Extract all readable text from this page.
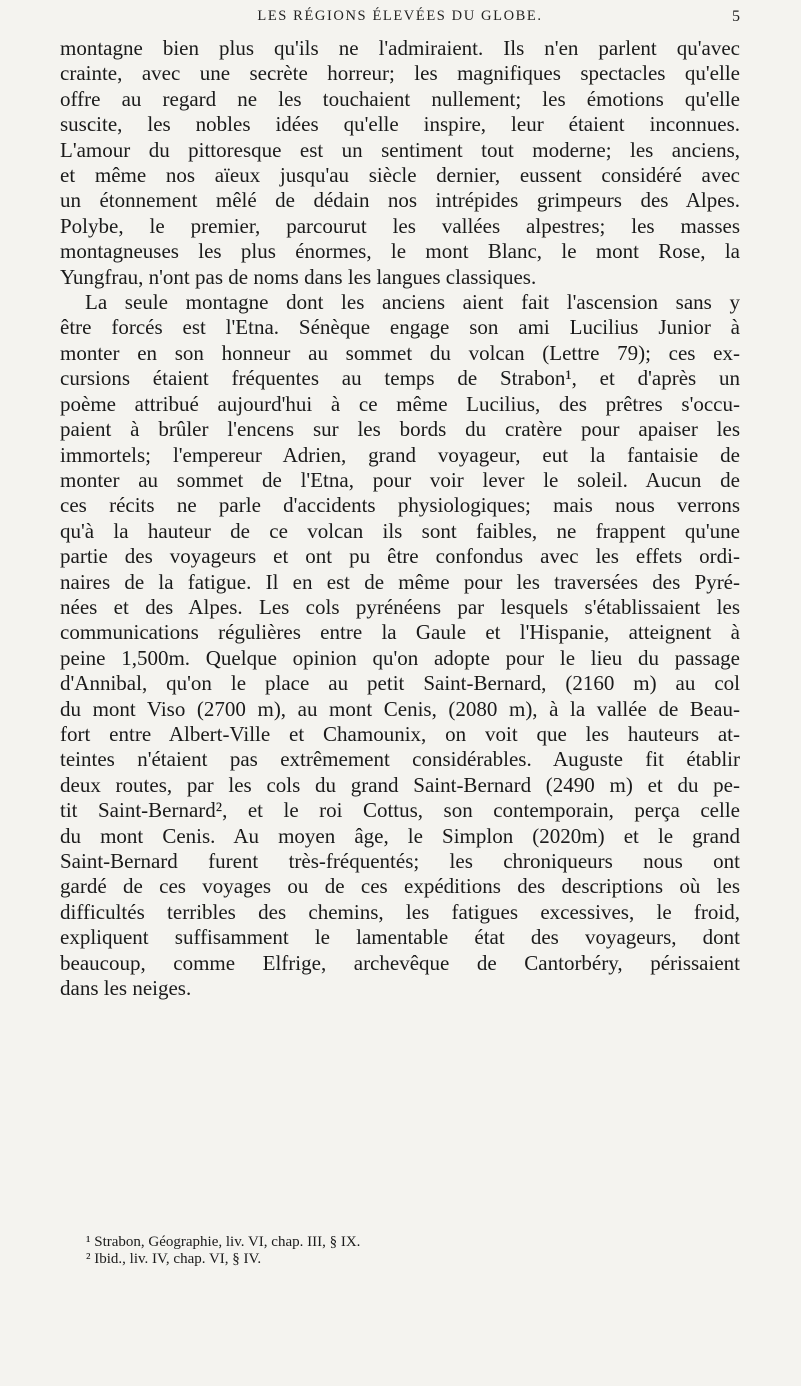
LES RÉGIONS ÉLEVÉES DU GLOBE.	5
montagne bien plus qu'ils ne l'admiraient. Ils n'en parlent qu'avec
crainte, avec une secrète horreur; les magnifiques spectacles qu'elle
offre au regard ne les touchaient nullement; les émotions qu'elle
suscite, les nobles idées qu'elle inspire, leur étaient inconnues.
L'amour du pittoresque est un sentiment tout moderne; les anciens,
et même nos aïeux jusqu'au siècle dernier, eussent considéré avec
un étonnement mêlé de dédain nos intrépides grimpeurs des Alpes.
Polybe, le premier, parcourut les vallées alpestres; les masses
montagneuses les plus énormes, le mont Blanc, le mont Rose, la
Yungfrau, n'ont pas de noms dans les langues classiques.
La seule montagne dont les anciens aient fait l'ascension sans y
être forcés est l'Etna. Sénèque engage son ami Lucilius Junior à
monter en son honneur au sommet du volcan (Lettre 79); ces ex-
cursions étaient fréquentes au temps de Strabon¹, et d'après un
poème attribué aujourd'hui à ce même Lucilius, des prêtres s'occu-
paient à brûler l'encens sur les bords du cratère pour apaiser les
immortels; l'empereur Adrien, grand voyageur, eut la fantaisie de
monter au sommet de l'Etna, pour voir lever le soleil. Aucun de
ces récits ne parle d'accidents physiologiques; mais nous verrons
qu'à la hauteur de ce volcan ils sont faibles, ne frappent qu'une
partie des voyageurs et ont pu être confondus avec les effets ordi-
naires de la fatigue. Il en est de même pour les traversées des Pyré-
nées et des Alpes. Les cols pyrénéens par lesquels s'établissaient les
communications régulières entre la Gaule et l'Hispanie, atteignent à
peine 1,500m. Quelque opinion qu'on adopte pour le lieu du passage
d'Annibal, qu'on le place au petit Saint-Bernard, (2160 m) au col
du mont Viso (2700 m), au mont Cenis, (2080 m), à la vallée de Beau-
fort entre Albert-Ville et Chamounix, on voit que les hauteurs at-
teintes n'étaient pas extrêmement considérables. Auguste fit établir
deux routes, par les cols du grand Saint-Bernard (2490 m) et du pe-
tit Saint-Bernard², et le roi Cottus, son contemporain, perça celle
du mont Cenis. Au moyen âge, le Simplon (2020m) et le grand
Saint-Bernard furent très-fréquentés; les chroniqueurs nous ont
gardé de ces voyages ou de ces expéditions des descriptions où les
difficultés terribles des chemins, les fatigues excessives, le froid,
expliquent suffisamment le lamentable état des voyageurs, dont
beaucoup, comme Elfrige, archevêque de Cantorbéry, périssaient
dans les neiges.
¹ Strabon, Géographie, liv. VI, chap. III, § IX.
² Ibid., liv. IV, chap. VI, § IV.
